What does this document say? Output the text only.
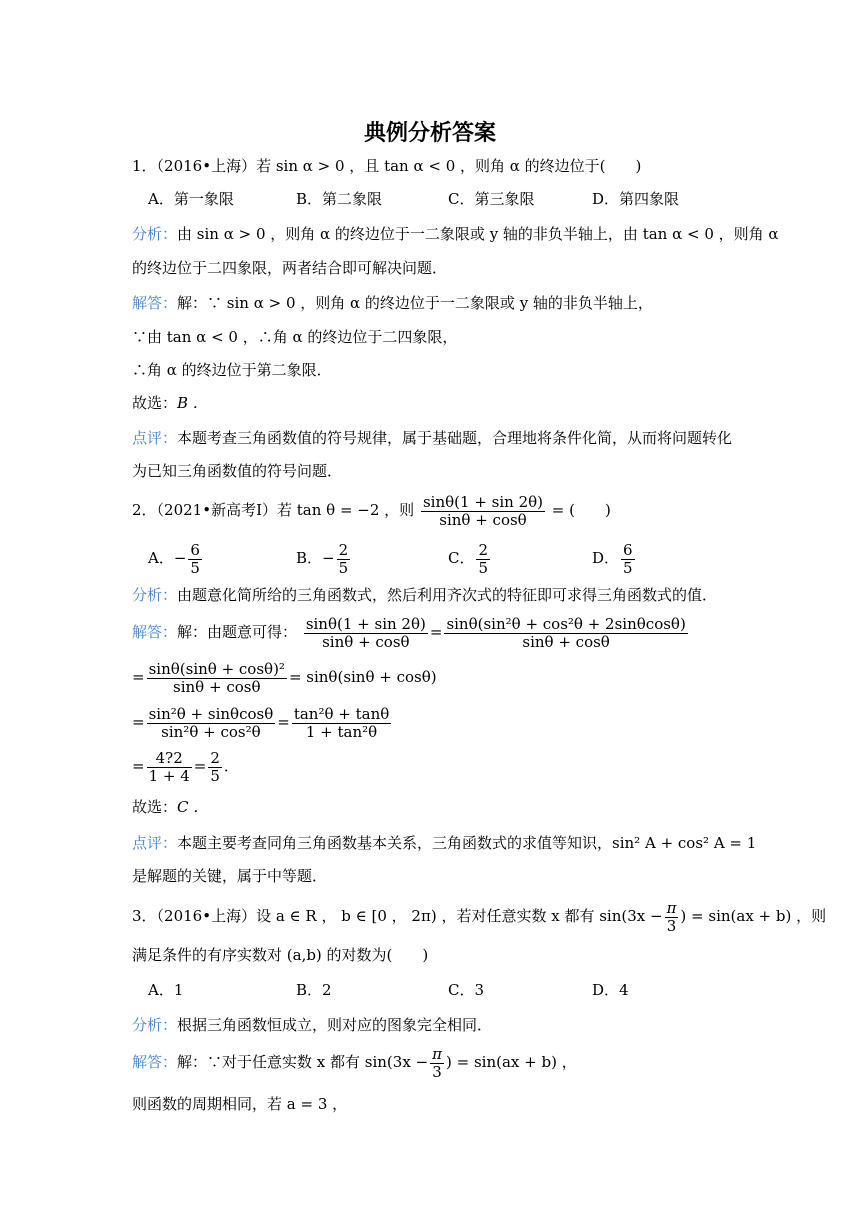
典例分析答案
1．（2016•上海）若 sin α > 0 ，且 tan α < 0 ，则角 α 的终边位于(　　)
A．第一象限	B．第二象限	C．第三象限	D．第四象限
分析：由 sin α > 0 ，则角 α 的终边位于一二象限或 y 轴的非负半轴上，由 tan α < 0 ，则角 α
的终边位于二四象限，两者结合即可解决问题．
解答：解：∵ sin α > 0 ，则角 α 的终边位于一二象限或 y 轴的非负半轴上，
∵由 tan α < 0 ，∴角 α 的终边位于二四象限，
∴角 α 的终边位于第二象限．
故选：B ．
点评：本题考查三角函数值的符号规律，属于基础题，合理地将条件化简，从而将问题转化
为已知三角函数值的符号问题．
2．（2021•新高考Ⅰ）若 tan θ = −2 ，则 $\frac{\sin\theta(1 + \sin 2\theta)}{\sin\theta + \cos\theta}$ = (　　)
A．− $\frac{6}{5}$	B．− $\frac{2}{5}$	C． $\frac{2}{5}$	D． $\frac{6}{5}$
分析：由题意化简所给的三角函数式，然后利用齐次式的特征即可求得三角函数式的值．
解答：解：由题意可得： $\frac{\sin\theta(1 + \sin 2\theta)}{\sin\theta + \cos\theta} = \frac{\text{sinθ(sin²θ + cos²θ + 2sinθcosθ)}}{\sin\theta + \cos\theta}$
= $\frac{\text{sinθ(sinθ + cosθ)²}}{\sin\theta + \cos\theta} = \sin\theta(\sin\theta + \cos\theta)$
= $\frac{\text{sin²θ + sinθcosθ}}{\text{sin²θ + cos²θ}} = \frac{\text{tan²θ + tanθ}}{\text{1 + tan²θ}}$
= $\frac{4?2}{1 + 4} = \frac{2}{5}$ ．
故选：C ．
点评：本题主要考查同角三角函数基本关系，三角函数式的求值等知识，sin² A + cos² A = 1
是解题的关键，属于中等题．
3．（2016•上海）设 a ∈ R ， b ∈ [0 ， 2π) ，若对任意实数 x 都有 $\sin(3x - \frac{\pi}{3}$ ) = sin(ax + b) ，则
满足条件的有序实数对 (a,b) 的对数为(　　)
A．1	B．2	C．3	D．4
分析：根据三角函数恒成立，则对应的图象完全相同．
解答：解：∵对于任意实数 x 都有 $\sin(3x - \frac{\pi}{3}$ ) = sin(ax + b) ，
则函数的周期相同，若 a = 3 ，
